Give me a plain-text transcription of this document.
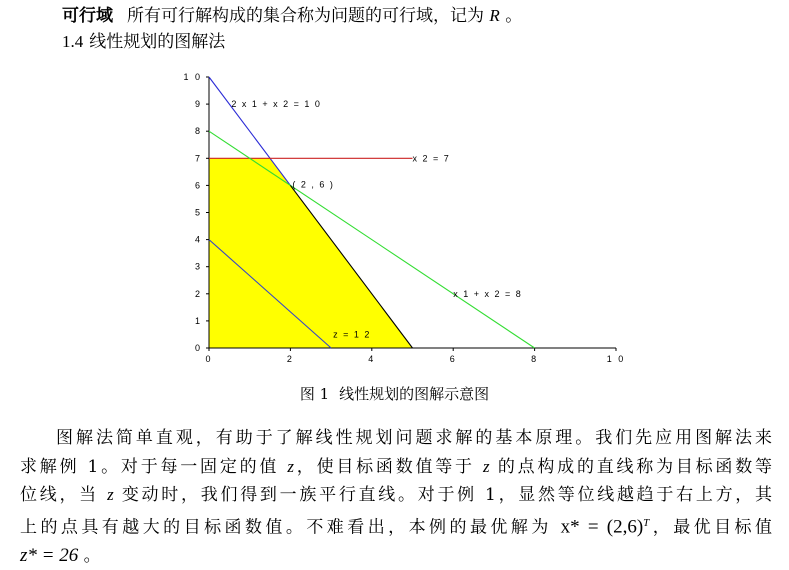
可行域 所有可行解构成的集合称为问题的可行域，记为 R 。
1.4 线性规划的图解法
0
1
2
3
4
5
6
7
8
9
1 0
0	2	4	6	8	1 0
2 x 1 + x 2 = 1 0
x 2 = 7
( 2 , 6 )
x 1 + x 2 = 8
z = 1 2
图 1 线性规划的图解示意图
图解法简单直观，有助于了解线性规划问题求解的基本原理。我们先应用图解法来
求解例 1。对于每一固定的值 z，使目标函数值等于 z 的点构成的直线称为目标函数等
位线，当 z 变动时，我们得到一族平行直线。对于例 1，显然等位线越趋于右上方，其
上的点具有越大的目标函数值。不难看出，本例的最优解为 $x* = (2,6)^T$，最优目标值
z* = 26 。
